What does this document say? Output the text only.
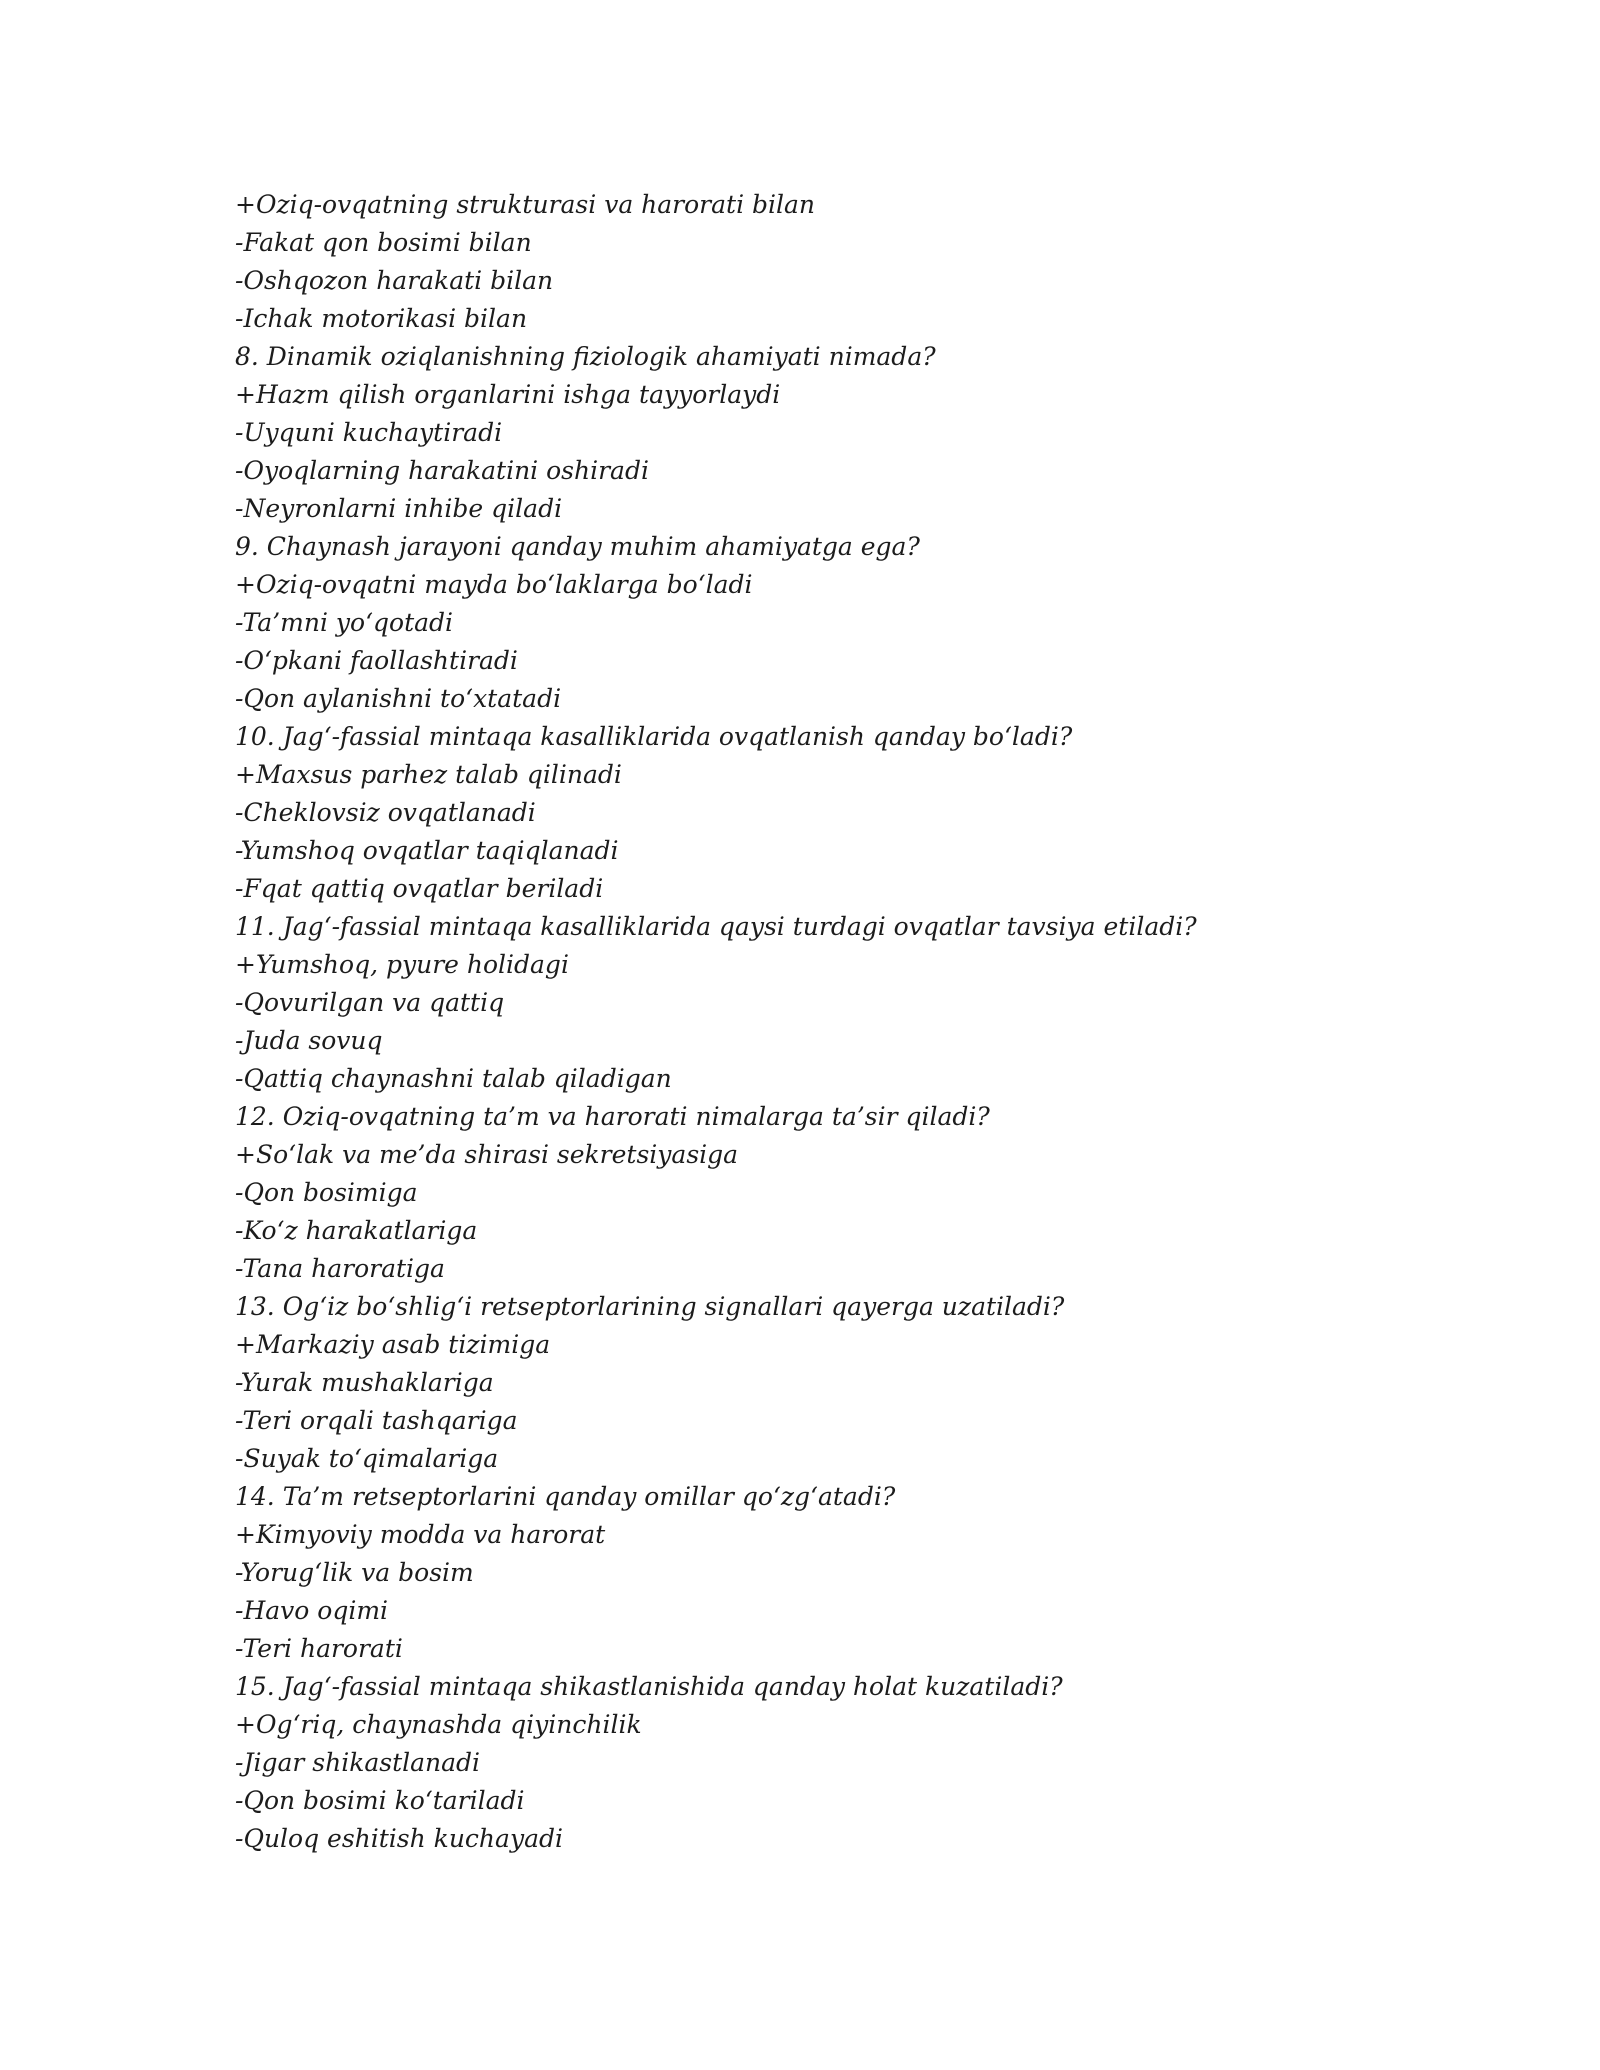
+Oziq-ovqatning strukturasi va harorati bilan
-Fakat qon bosimi bilan
-Oshqozon harakati bilan
-Ichak motorikasi bilan
8. Dinamik oziqlanishning fiziologik ahamiyati nimada?
+Hazm qilish organlarini ishga tayyorlaydi
-Uyquni kuchaytiradi
-Oyoqlarning harakatini oshiradi
-Neyronlarni inhibe qiladi
9. Chaynash jarayoni qanday muhim ahamiyatga ega?
+Oziq-ovqatni mayda bo‘laklarga bo‘ladi
-Ta’mni yo‘qotadi
-O‘pkani faollashtiradi
-Qon aylanishni to‘xtatadi
10. Jag‘-fassial mintaqa kasalliklarida ovqatlanish qanday bo‘ladi?
+Maxsus parhez talab qilinadi
-Cheklovsiz ovqatlanadi
-Yumshoq ovqatlar taqiqlanadi
-Fqat qattiq ovqatlar beriladi
11. Jag‘-fassial mintaqa kasalliklarida qaysi turdagi ovqatlar tavsiya etiladi?
+Yumshoq, pyure holidagi
-Qovurilgan va qattiq
-Juda sovuq
-Qattiq chaynashni talab qiladigan
12. Oziq-ovqatning ta’m va harorati nimalarga ta’sir qiladi?
+So‘lak va me’da shirasi sekretsiyasiga
-Qon bosimiga
-Ko‘z harakatlariga
-Tana haroratiga
13. Og‘iz bo‘shlig‘i retseptorlarining signallari qayerga uzatiladi?
+Markaziy asab tizimiga
-Yurak mushaklariga
-Teri orqali tashqariga
-Suyak to‘qimalariga
14. Ta’m retseptorlarini qanday omillar qo‘zg‘atadi?
+Kimyoviy modda va harorat
-Yorug‘lik va bosim
-Havo oqimi
-Teri harorati
15. Jag‘-fassial mintaqa shikastlanishida qanday holat kuzatiladi?
+Og‘riq, chaynashda qiyinchilik
-Jigar shikastlanadi
-Qon bosimi ko‘tariladi
-Quloq eshitish kuchayadi
